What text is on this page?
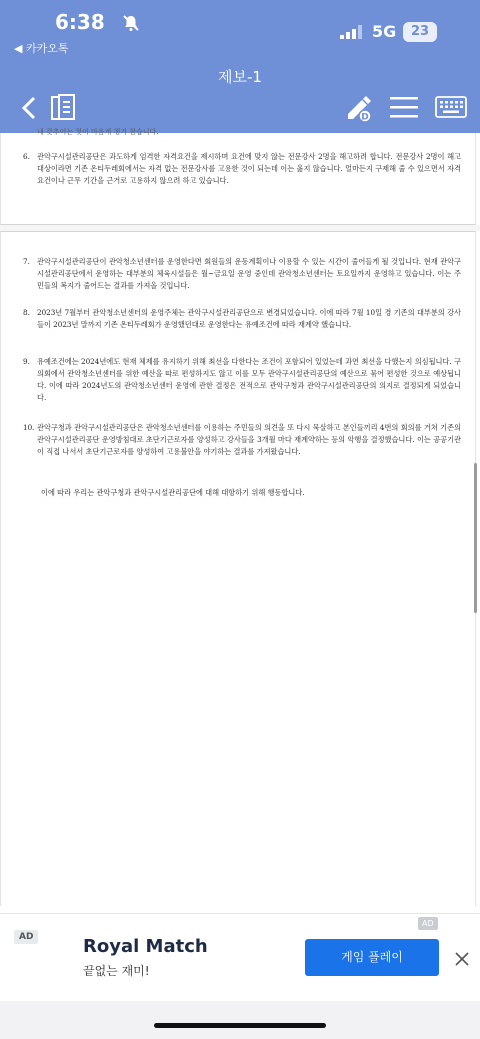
6:38
◀ 카카오톡
5G	23
제보-1
D
내 갖추어는 첫이 마음게 챙겨 참습니다.
6. 관악구시설관리공단은 과도하게 엄격한 자격요건을 제시하며 요건에 맞지 않는 전문강사 2명을 해고하려 합니다. 전문강사 2명이 해고대상이라면 기존 온티두레회에서는 자격 없는 전문강사를 고용한 것이 되는데 이는 옳지 않습니다. 얼마든지 구제해 줄 수 있으면서 자격요건이나 근무 기간을 근거로 고용하지 않으려 하고 있습니다.
7. 관악구시설관리공단이 관악청소년센터를 운영한다면 회원들의 운동계획이나 이용할 수 있는 시간이 줄어들게 될 것입니다. 현재 관악구시설관리공단에서 운영하는 대부분의 체육시설들은 월~금요일 운영 중인데 관악청소년센터는 토요일까지 운영하고 있습니다. 이는 주민들의 복지가 줄어드는 결과를 가져올 것입니다.
8. 2023년 7월부터 관악청소년센터의 운영주체는 관악구시설관리공단으로 변경되었습니다. 이에 따라 7월 10일 경 기존의 대부분의 강사들이 2023년 말까지 기존 온티두레회가 운영했던대로 운영한다는 유예조건에 따라 재계약 했습니다.
9. 유예조건에는 2024년에도 현재 체제를 유지하기 위해 최선을 다한다는 조건이 포함되어 있었는데 과연 최선을 다했는지 의심됩니다. 구의회에서 관악청소년센터를 위한 예산을 따로 편성하지도 않고 이를 모두 관악구시설관리공단의 예산으로 묶어 편성한 것으로 예상됩니다. 이에 따라 2024년도의 관악청소년센터 운영에 관한 결정은 전적으로 관악구청과 관악구시설관리공단의 의지로 결정되게 되었습니다.
10. 관악구청과 관악구시설관리공단은 관악청소년센터를 이용하는 주민들의 의견을 또 다시 묵살하고 본인들끼리 4번의 회의를 거쳐 기존의 관악구시설관리공단 운영방침대로 초단기근로자를 양성하고 강사들을 3개월 마다 재계약하는 등의 악행을 결정했습니다. 이는 공공기관이 직접 나서서 초단기근로자를 양성하여 고용불안을 야기하는 결과를 가져왔습니다.
이에 따라 우리는 관악구청과 관악구시설관리공단에 대해 대항하기 위해 행동합니다.
AD
AD	Royal Match
끝없는 재미!
게임 플레이
